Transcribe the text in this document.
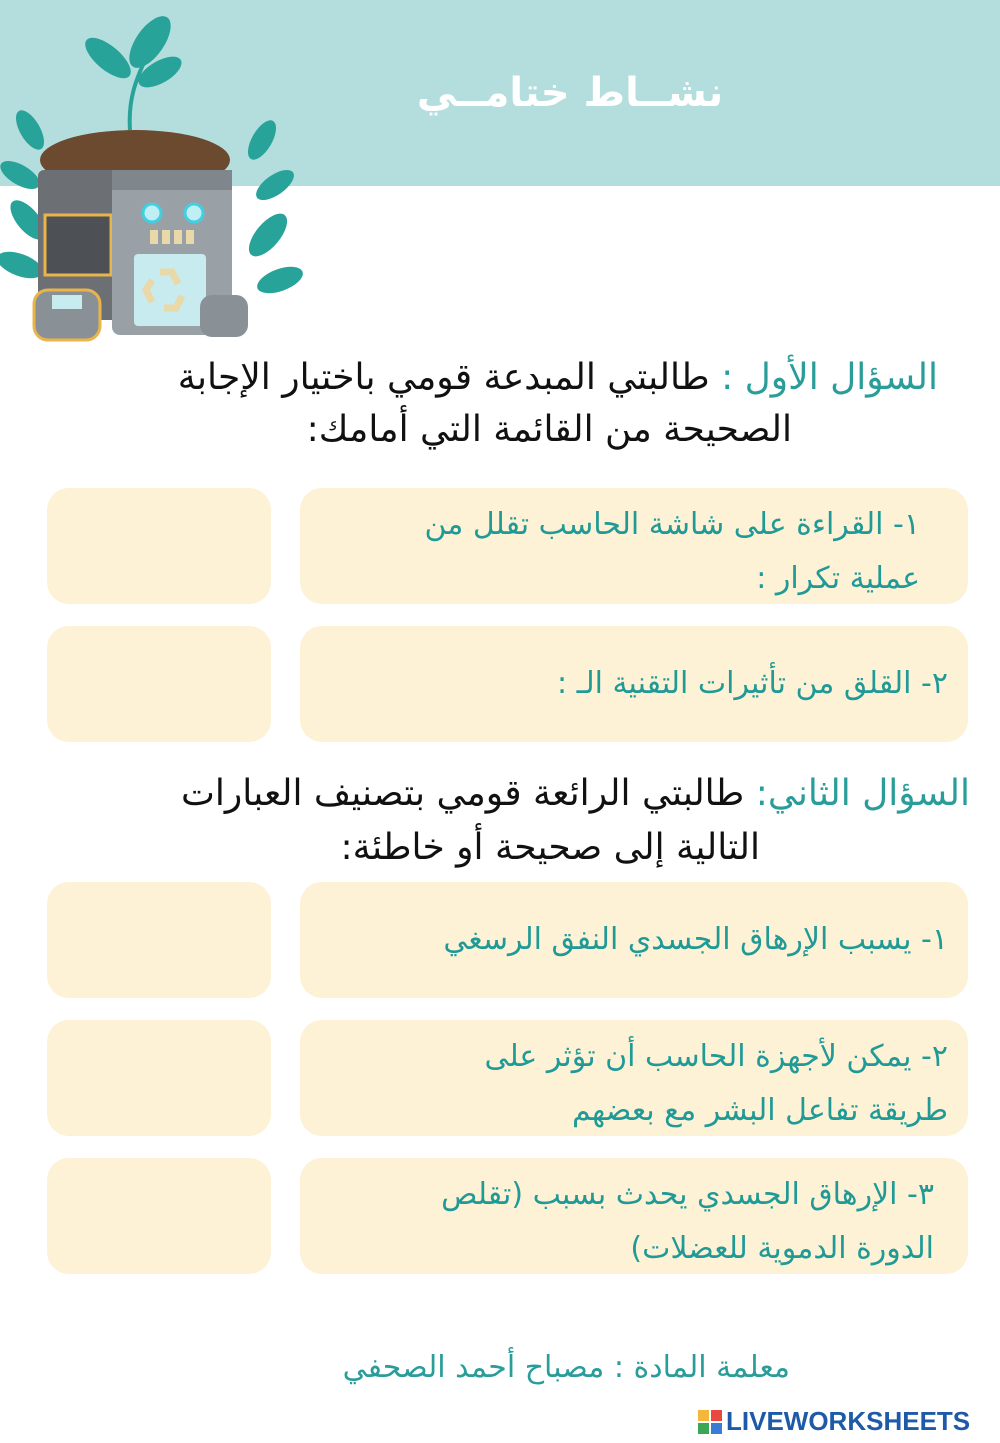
نشــاط ختامــي
السؤال الأول : طالبتي المبدعة قومي باختيار الإجابة
الصحيحة من القائمة التي أمامك:
١- القراءة على شاشة الحاسب تقلل من
عملية تكرار :
٢- القلق من تأثيرات التقنية الـ :
السؤال الثاني: طالبتي الرائعة قومي بتصنيف العبارات
التالية إلى صحيحة أو خاطئة:
١- يسبب الإرهاق الجسدي النفق الرسغي
٢- يمكن لأجهزة الحاسب أن تؤثر على
طريقة تفاعل البشر مع بعضهم
٣- الإرهاق الجسدي يحدث بسبب (تقلص
الدورة الدموية للعضلات)
معلمة المادة : مصباح أحمد الصحفي
LIVEWORKSHEETS
